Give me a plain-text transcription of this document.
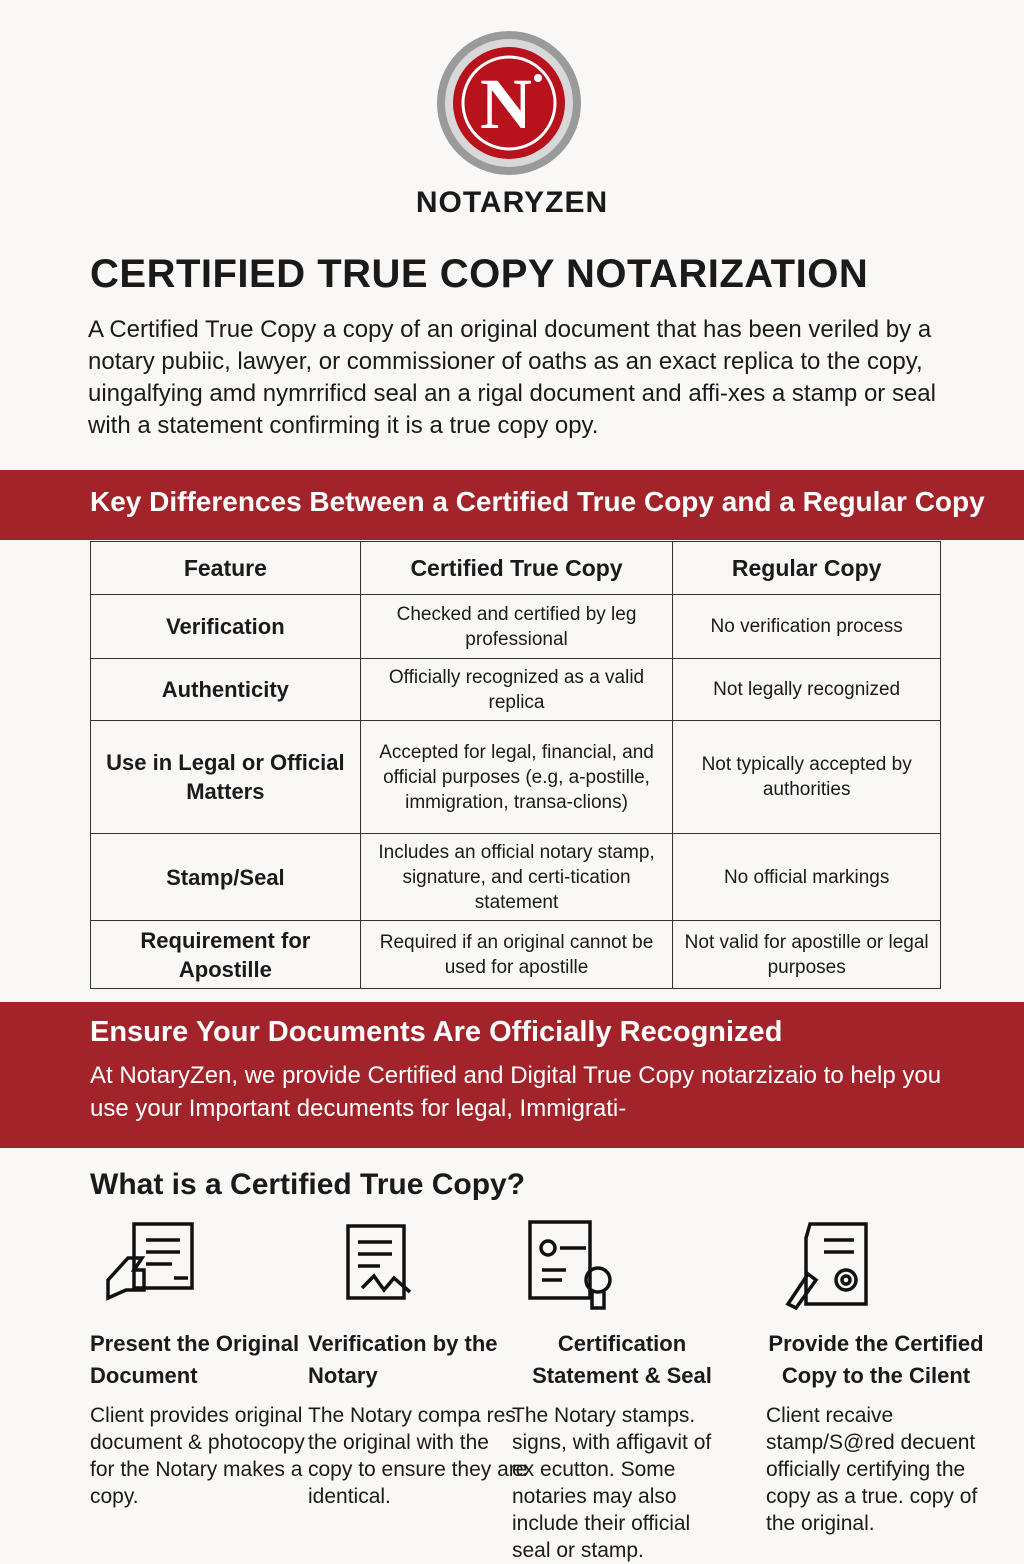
N
NOTARYZEN
CERTIFIED TRUE COPY NOTARIZATION

A Certified True Copy a copy of an original document that has been veriled by a notary pubiic, lawyer, or commissioner of oaths as an exact replica to the copy, uingalfying amd nymrrificd seal an a rigal document and affi-xes a stamp or seal with a statement confirming it is a true copy opy.

Key Differences Between a Certified True Copy and a Regular Copy
Feature	Certified True Copy	Regular Copy
Verification	Checked and certified by leg professional	No verification process
Authenticity	Officially recognized as a valid replica	Not legally recognized
Use in Legal or Official Matters	Accepted for legal, financial, and official purposes (e.g, a-postille, immigration, transa-clions)	Not typically accepted by authorities
Stamp/Seal	Includes an official notary stamp, signature, and certi-tication statement	No official markings
Requirement for Apostille	Required if an original cannot be used for apostille	Not valid for apostille or legal purposes
Ensure Your Documents Are Officially Recognized

At NotaryZen, we provide Certified and Digital True Copy notarzizaio to help you use your Important decuments for legal, Immigrati-

What is a Certified True Copy?
Present the Original Document

Client provides original document & photocopy for the Notary makes a copy.

Verification by the Notary

The Notary compa res the original with the copy to ensure they are identical.

Certification Statement & Seal

The Notary stamps. signs, with affigavit of ex ecutton. Some notaries may also include their official seal or stamp.

Provide the Certified Copy to the Cilent

Client recaive stamp/S@red decuent officially certifying the copy as a true. copy of the original.
